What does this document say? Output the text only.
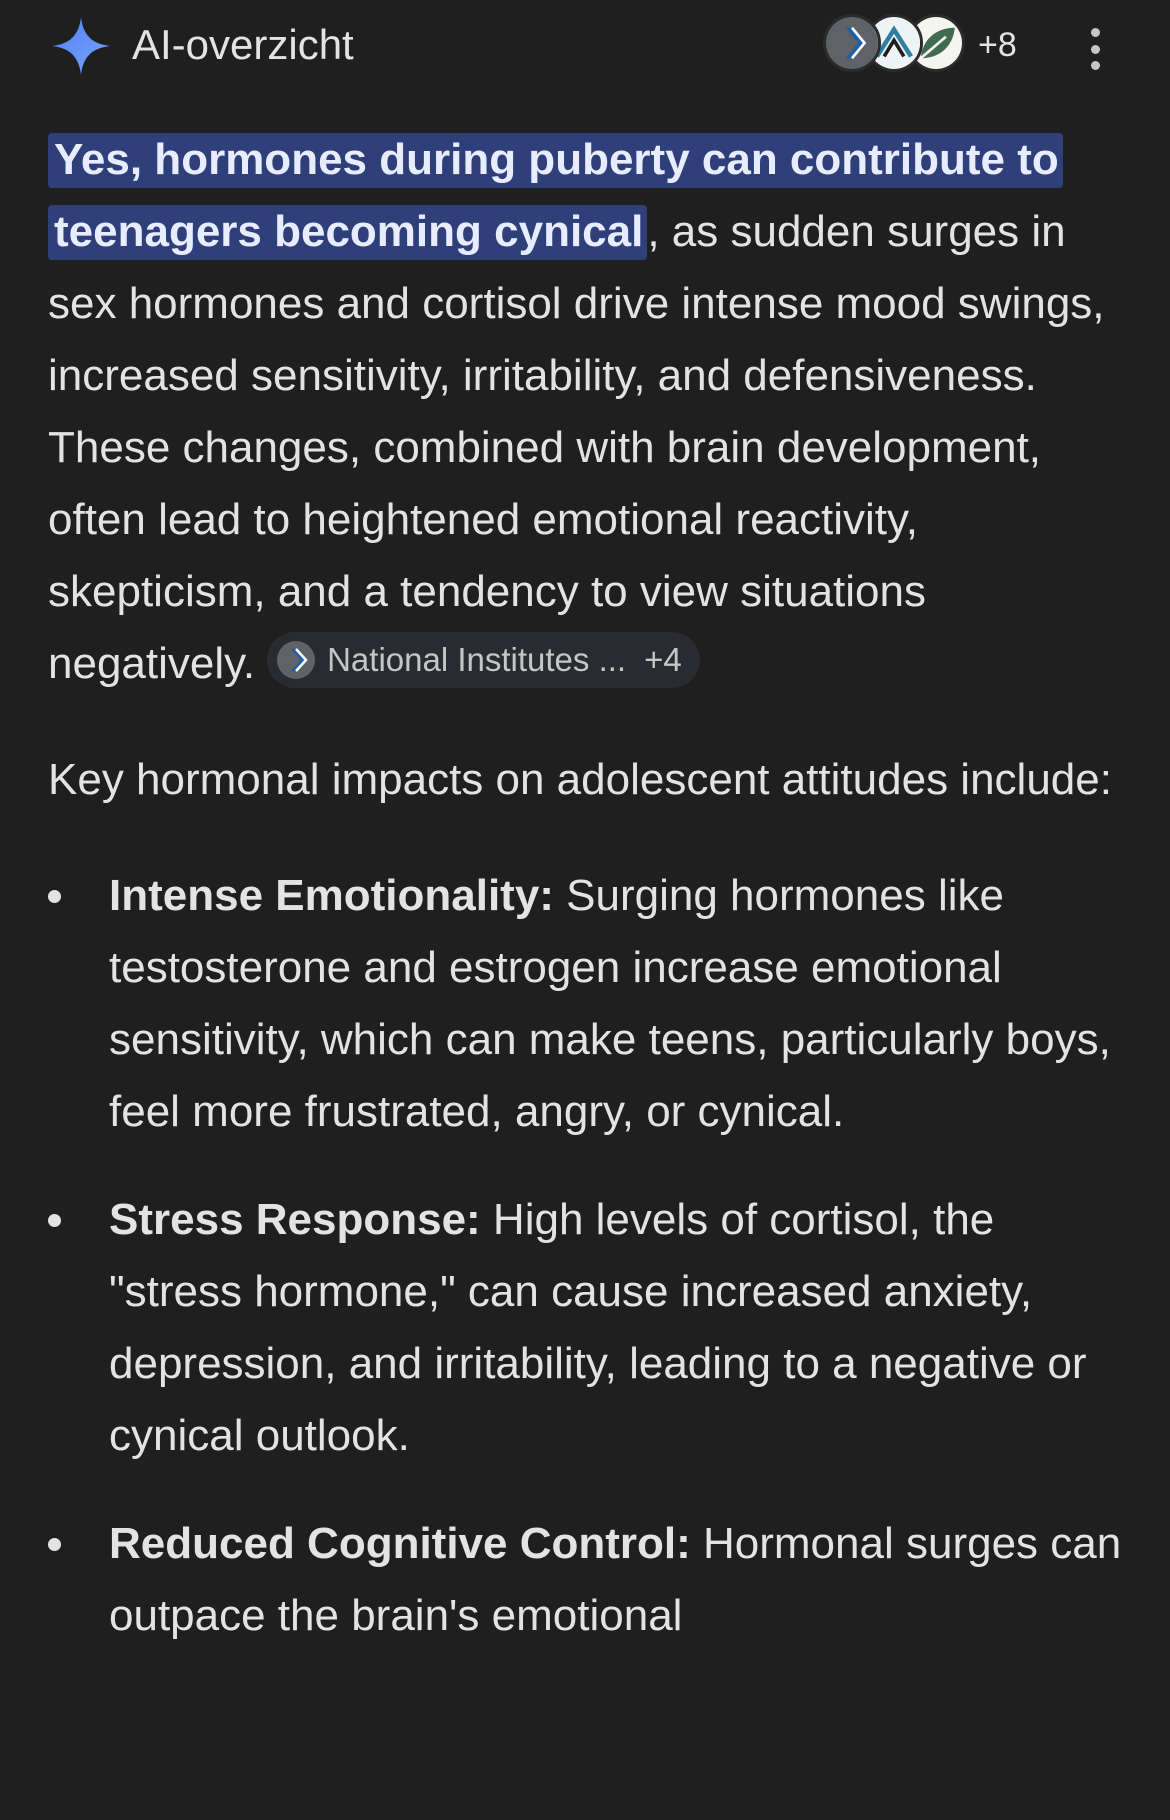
AI-overzicht	+8

Yes, hormones during puberty can contribute to teenagers becoming cynical, as sudden surges in sex hormones and cortisol drive intense mood swings, increased sensitivity, irritability, and defensiveness. These changes, combined with brain development, often lead to heightened emotional reactivity, skepticism, and a tendency to view situations negatively. National Institutes ... +4

Key hormonal impacts on adolescent attitudes include:

Intense Emotionality: Surging hormones like testosterone and estrogen increase emotional sensitivity, which can make teens, particularly boys, feel more frustrated, angry, or cynical.
Stress Response: High levels of cortisol, the "stress hormone," can cause increased anxiety, depression, and irritability, leading to a negative or cynical outlook.
Reduced Cognitive Control: Hormonal surges can outpace the brain's emotional
